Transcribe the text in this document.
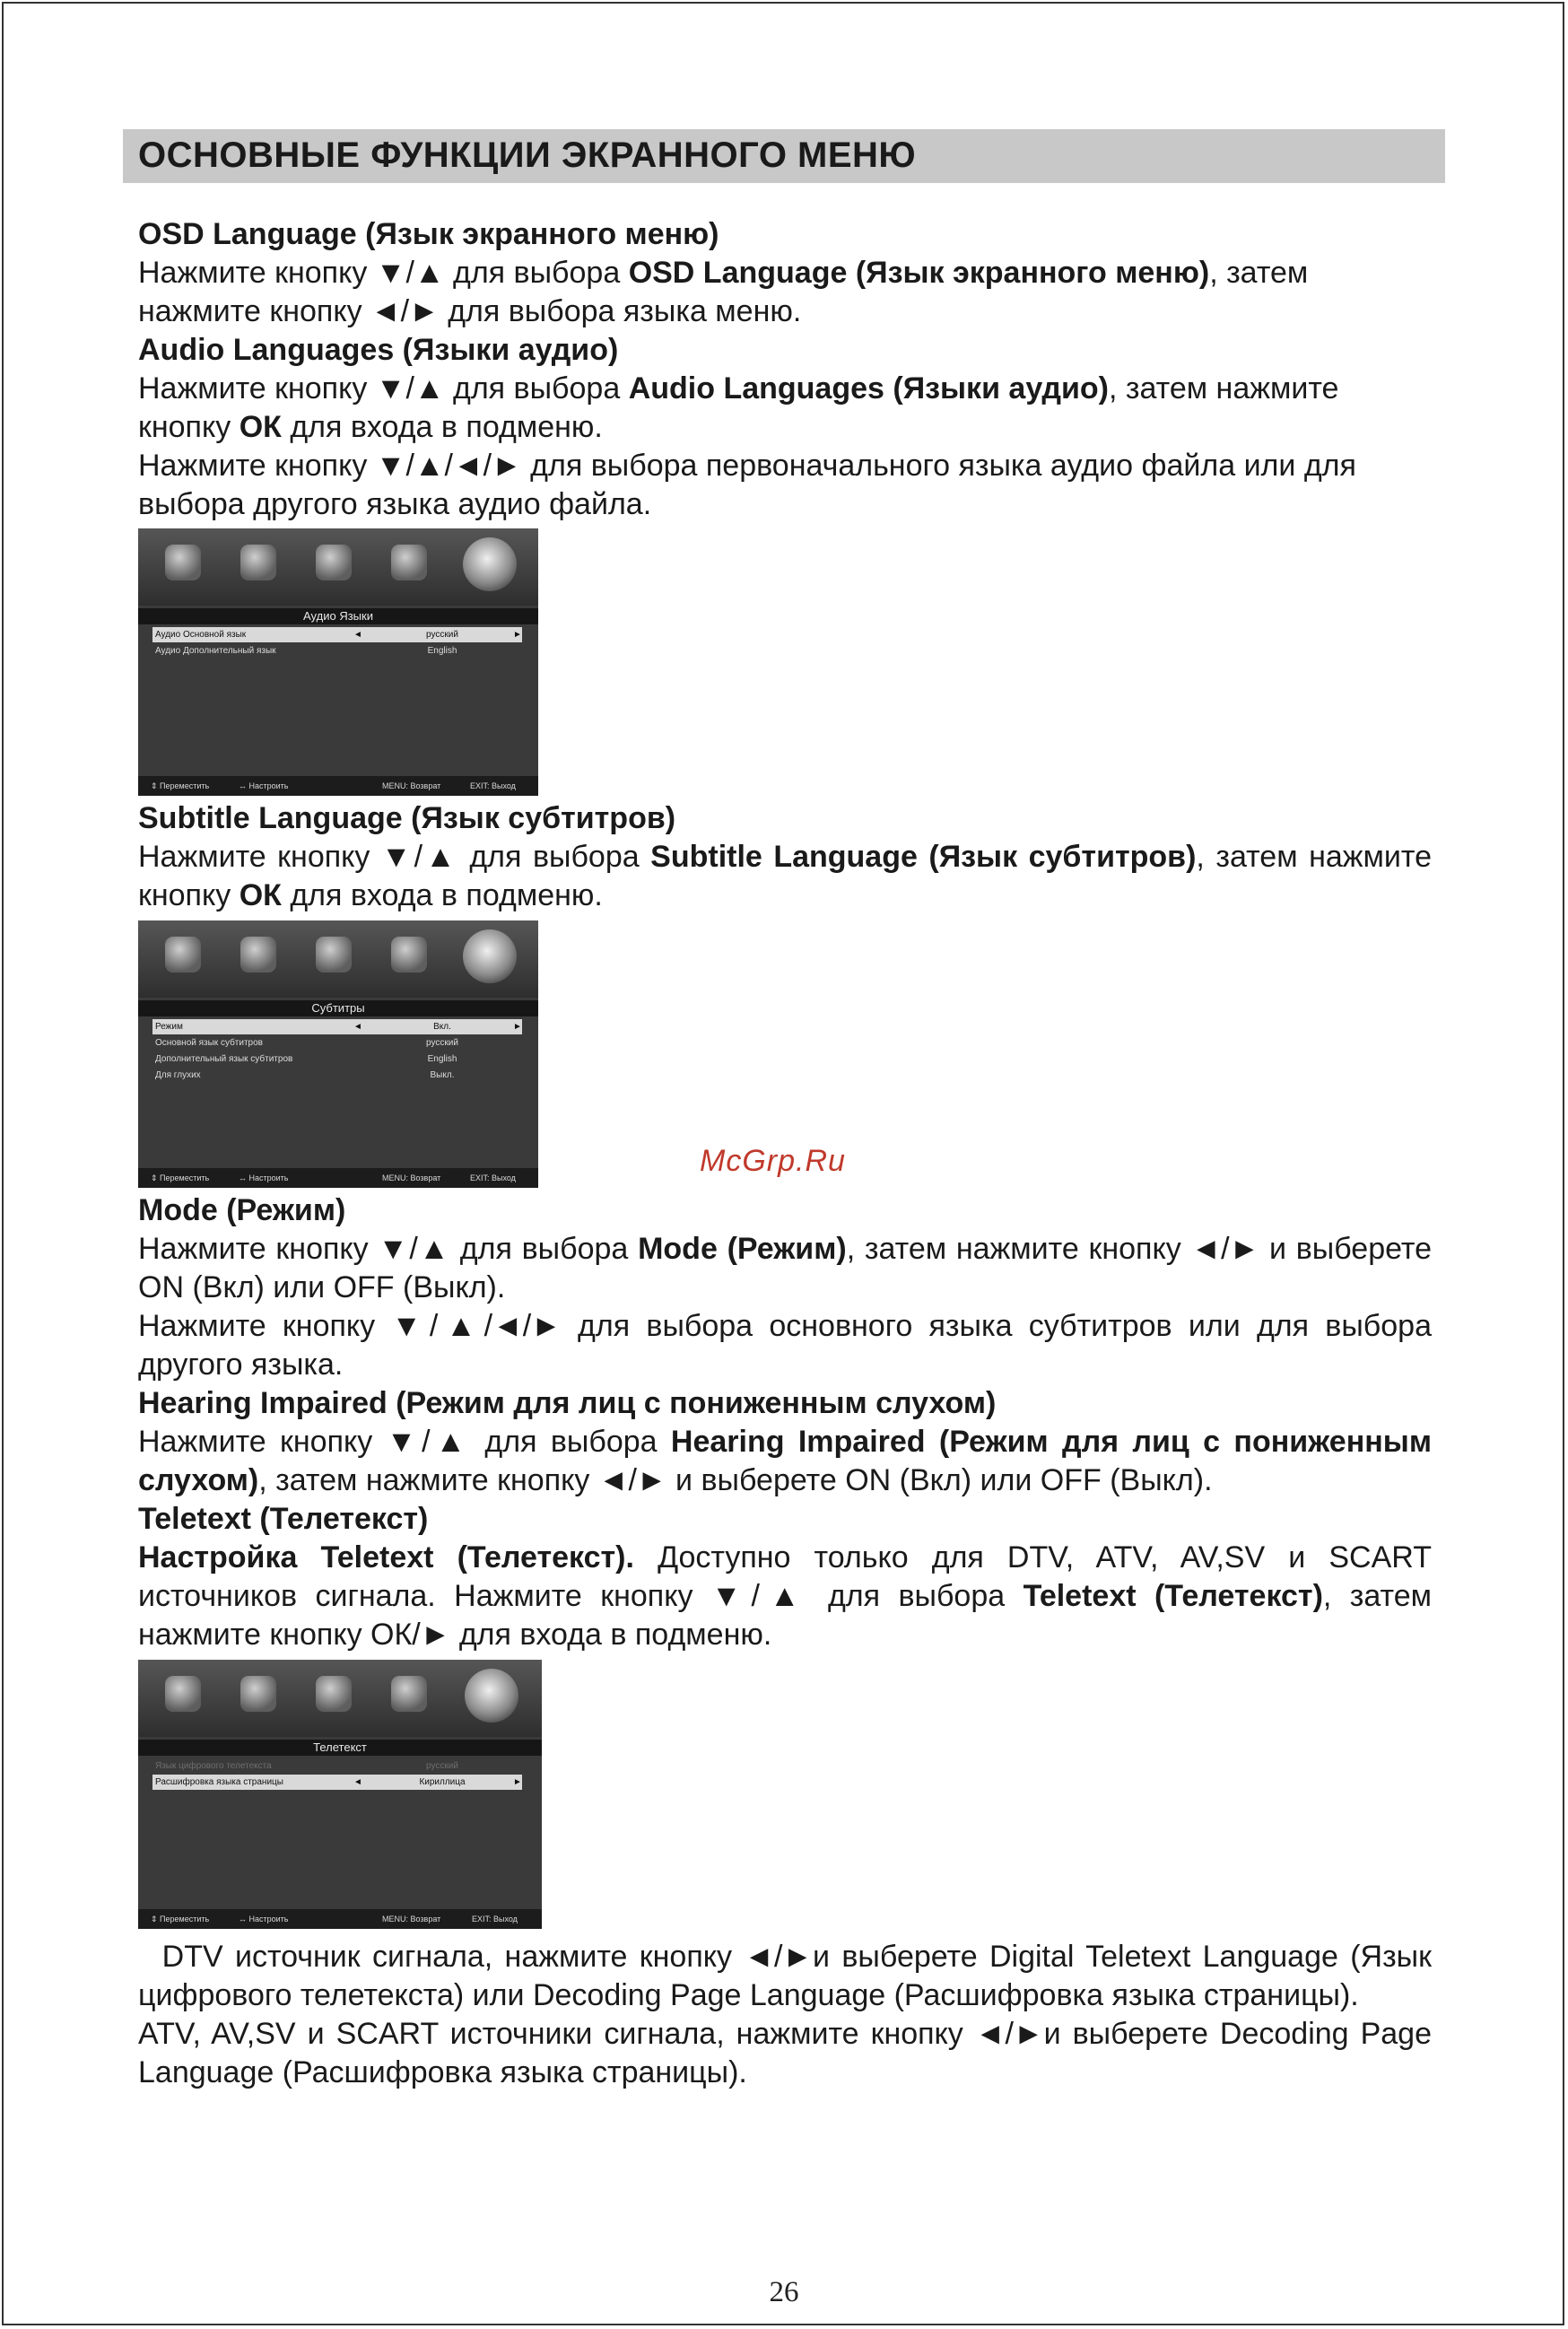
ОСНОВНЫЕ ФУНКЦИИ ЭКРАННОГО МЕНЮ

OSD Language (Язык экранного меню)

Нажмите кнопку ▼/▲ для выбора OSD Language (Язык экранного меню), затем нажмите кнопку ◄/► для выбора языка меню.

Audio Languages (Языки аудио)

Нажмите кнопку ▼/▲ для выбора Audio Languages (Языки аудио), затем нажмите кнопку ОК для входа в подменю.

Нажмите кнопку ▼/▲/◄/► для выбора первоначального языка аудио файла или для выбора другого языка аудио файла.

Аудио Языки
Аудио Основной язык	◄	русский	►
Аудио Дополнительный язык	English
⇕ Переместить	↔ Настроить	MENU: Возврат	EXIT: Выход

Subtitle Language (Язык субтитров)

Нажмите кнопку ▼/▲ для выбора Subtitle Language (Язык субтитров), затем нажмите кнопку ОК для входа в подменю.

Субтитры
Режим	◄	Вкл.	►
Основной язык субтитров	русский
Дополнительный язык субтитров	English
Для глухих	Выкл.
⇕ Переместить	↔ Настроить	MENU: Возврат	EXIT: Выход

Mode (Режим)

Нажмите кнопку ▼/▲ для выбора Mode (Режим), затем нажмите кнопку ◄/► и выберете ON (Вкл) или OFF (Выкл).

Нажмите кнопку ▼/▲/◄/► для выбора основного языка субтитров или для выбора другого языка.

Hearing Impaired (Режим для лиц с пониженным слухом)

Нажмите кнопку ▼/▲ для выбора Hearing Impaired (Режим для лиц с пониженным слухом), затем нажмите кнопку ◄/► и выберете ON (Вкл) или OFF (Выкл).

Teletext (Телетекст)

Настройка Teletext (Телетекст). Доступно только для DTV, ATV, AV,SV и SCART источников сигнала. Нажмите кнопку ▼/▲ для выбора Teletext (Телетекст), затем нажмите кнопку ОК/► для входа в подменю.

Телетекст
Язык цифрового телетекста	русский
Расшифровка языка страницы	◄	Кириллица	►
⇕ Переместить	↔ Настроить	MENU: Возврат	EXIT: Выход

DTV источник сигнала, нажмите кнопку ◄/►и выберете Digital Teletext Language (Язык цифрового телетекста) или Decoding Page Language (Расшифровка языка страницы).

ATV, AV,SV и SCART источники сигнала, нажмите кнопку ◄/►и выберете Decoding Page Language (Расшифровка языка страницы).

McGrp.Ru
26
